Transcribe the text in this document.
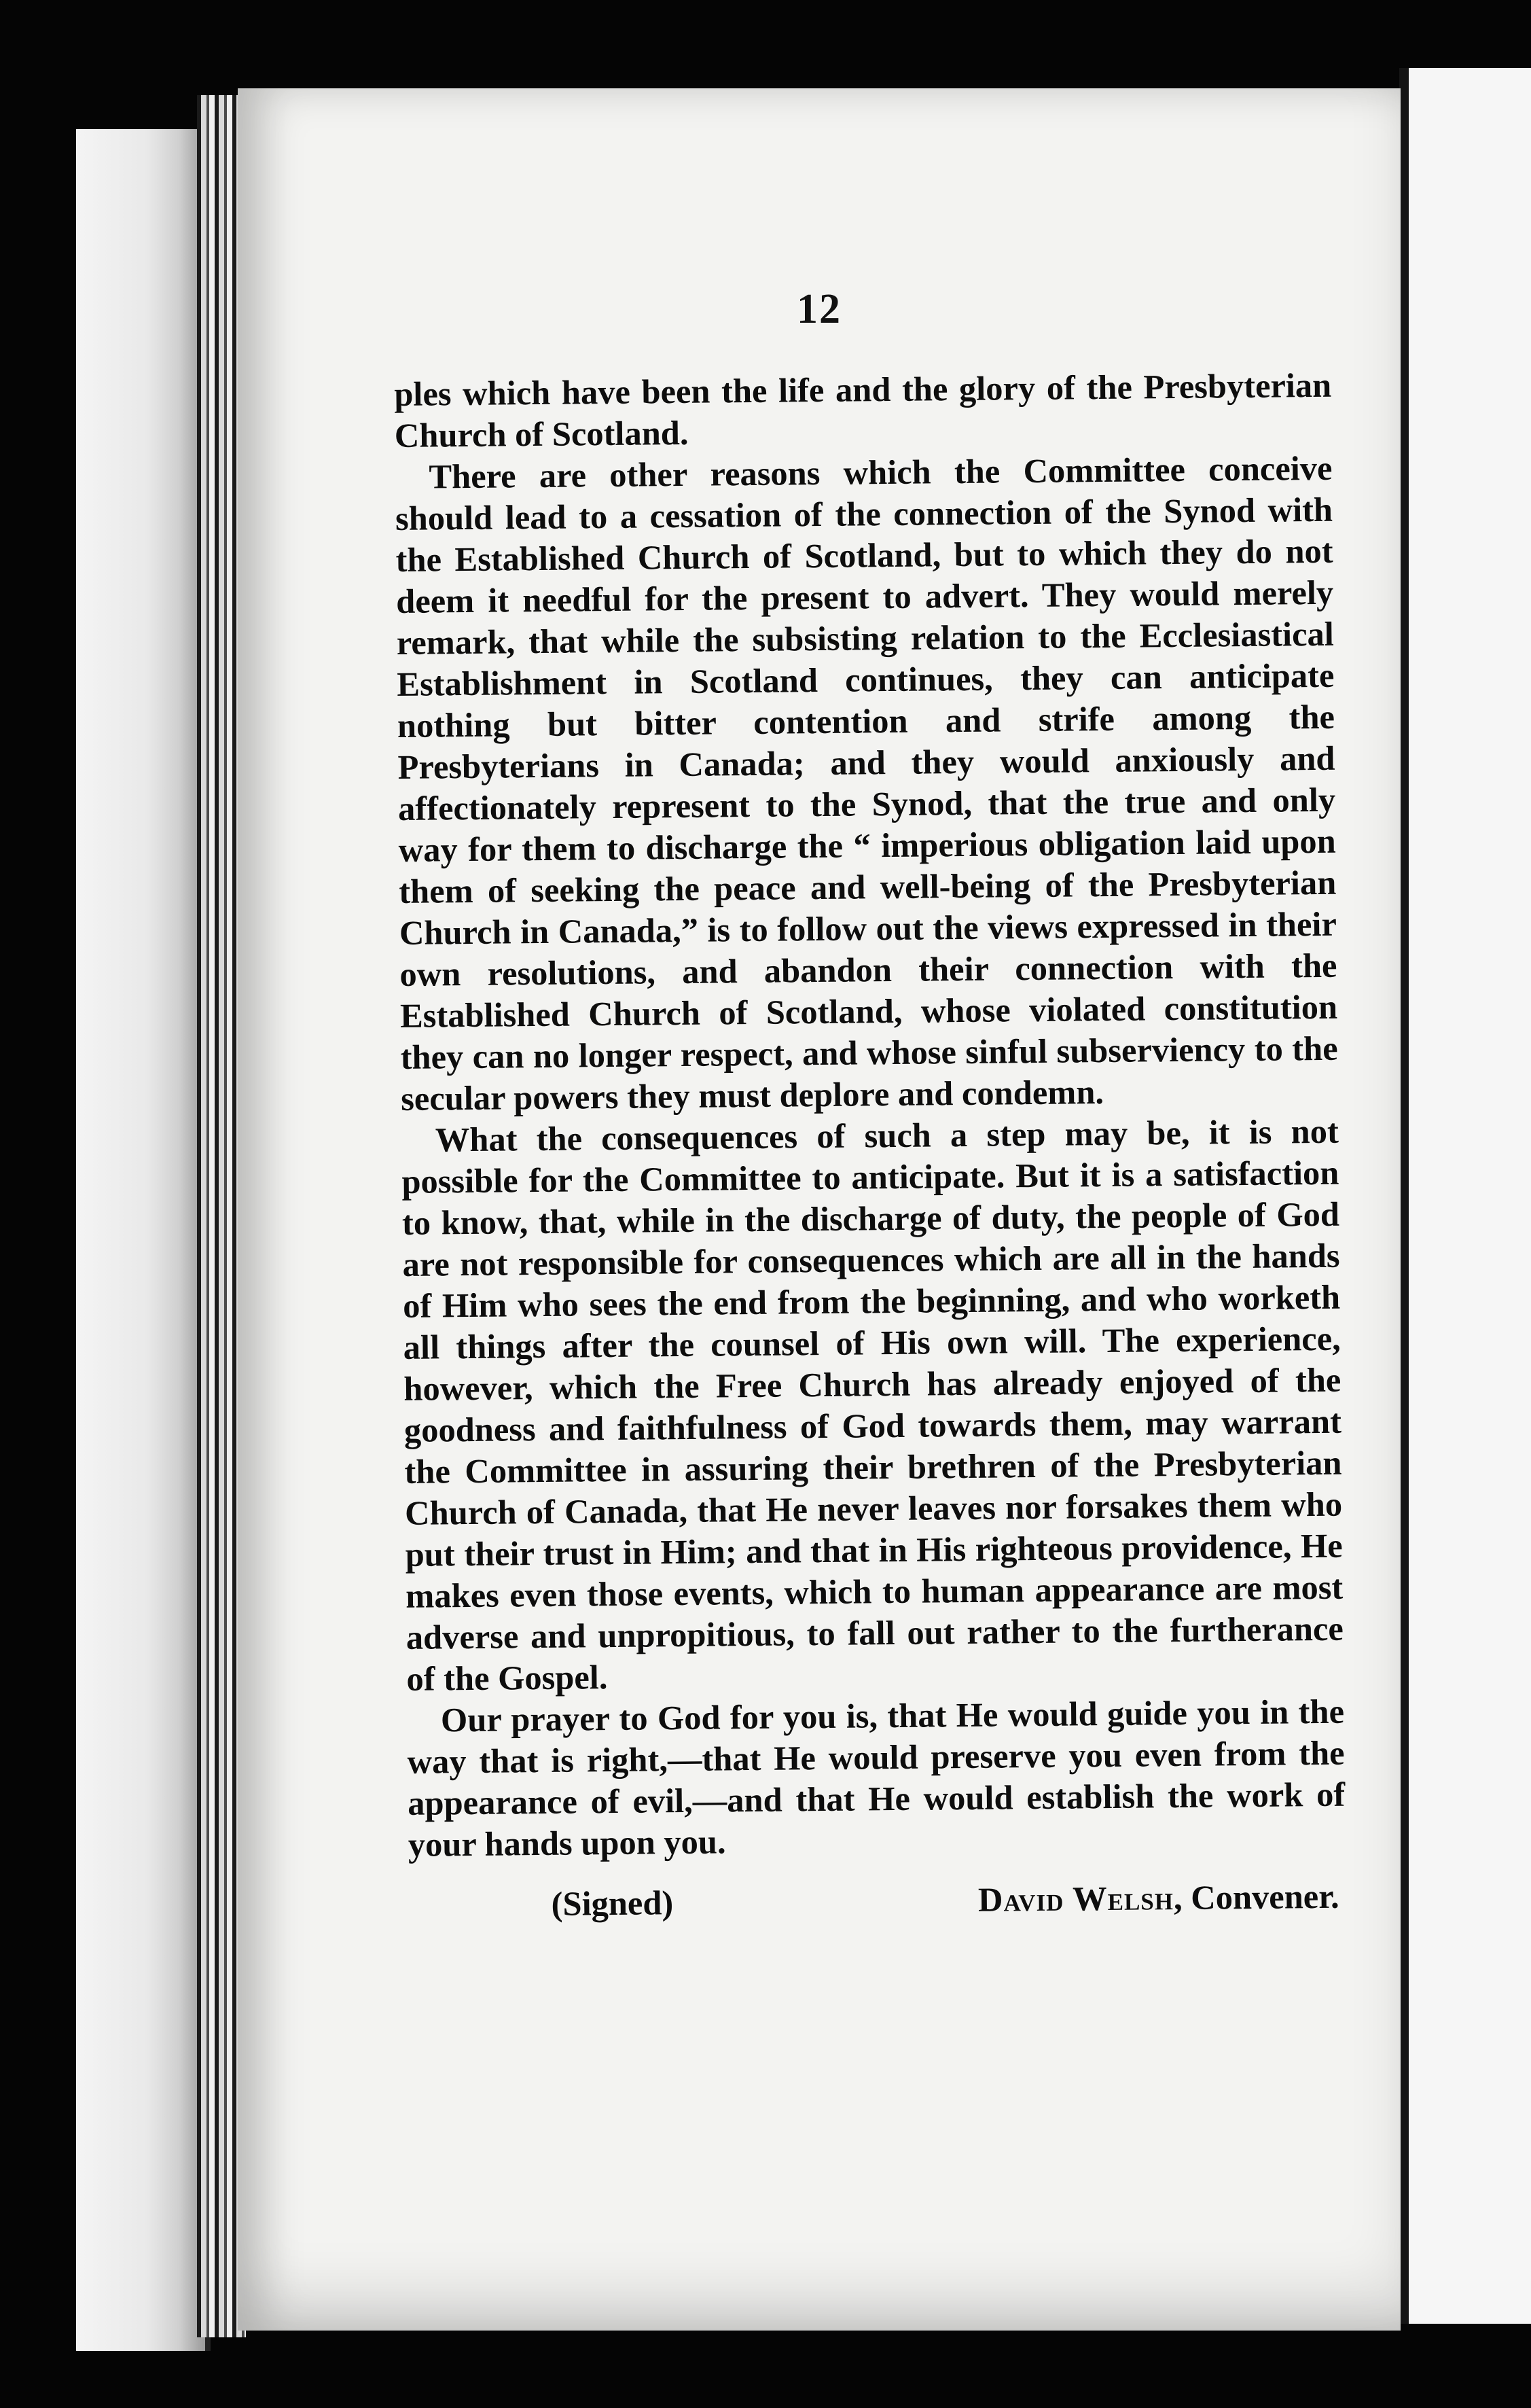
12

ples which have been the life and the glory of the Presbyterian Church of Scotland.

There are other reasons which the Committee conceive should lead to a cessation of the connection of the Synod with the Established Church of Scotland, but to which they do not deem it needful for the present to advert. They would merely remark, that while the subsisting relation to the Ecclesiastical Establishment in Scotland continues, they can anticipate nothing but bitter contention and strife among the Presbyterians in Canada; and they would anxiously and affectionately represent to the Synod, that the true and only way for them to discharge the “ imperious obligation laid upon them of seeking the peace and well-being of the Presbyterian Church in Canada,” is to follow out the views expressed in their own resolutions, and abandon their connection with the Established Church of Scotland, whose violated constitution they can no longer respect, and whose sinful subserviency to the secular powers they must deplore and condemn.

What the consequences of such a step may be, it is not possible for the Committee to anticipate. But it is a satisfaction to know, that, while in the discharge of duty, the people of God are not responsible for consequences which are all in the hands of Him who sees the end from the beginning, and who worketh all things after the counsel of His own will. The experience, however, which the Free Church has already enjoyed of the goodness and faithfulness of God towards them, may warrant the Committee in assuring their brethren of the Presbyterian Church of Canada, that He never leaves nor forsakes them who put their trust in Him; and that in His righteous providence, He makes even those events, which to human appearance are most adverse and unpropitious, to fall out rather to the furtherance of the Gospel.

Our prayer to God for you is, that He would guide you in the way that is right,—that He would preserve you even from the appearance of evil,—and that He would establish the work of your hands upon you.

(Signed)	David Welsh, Convener.
